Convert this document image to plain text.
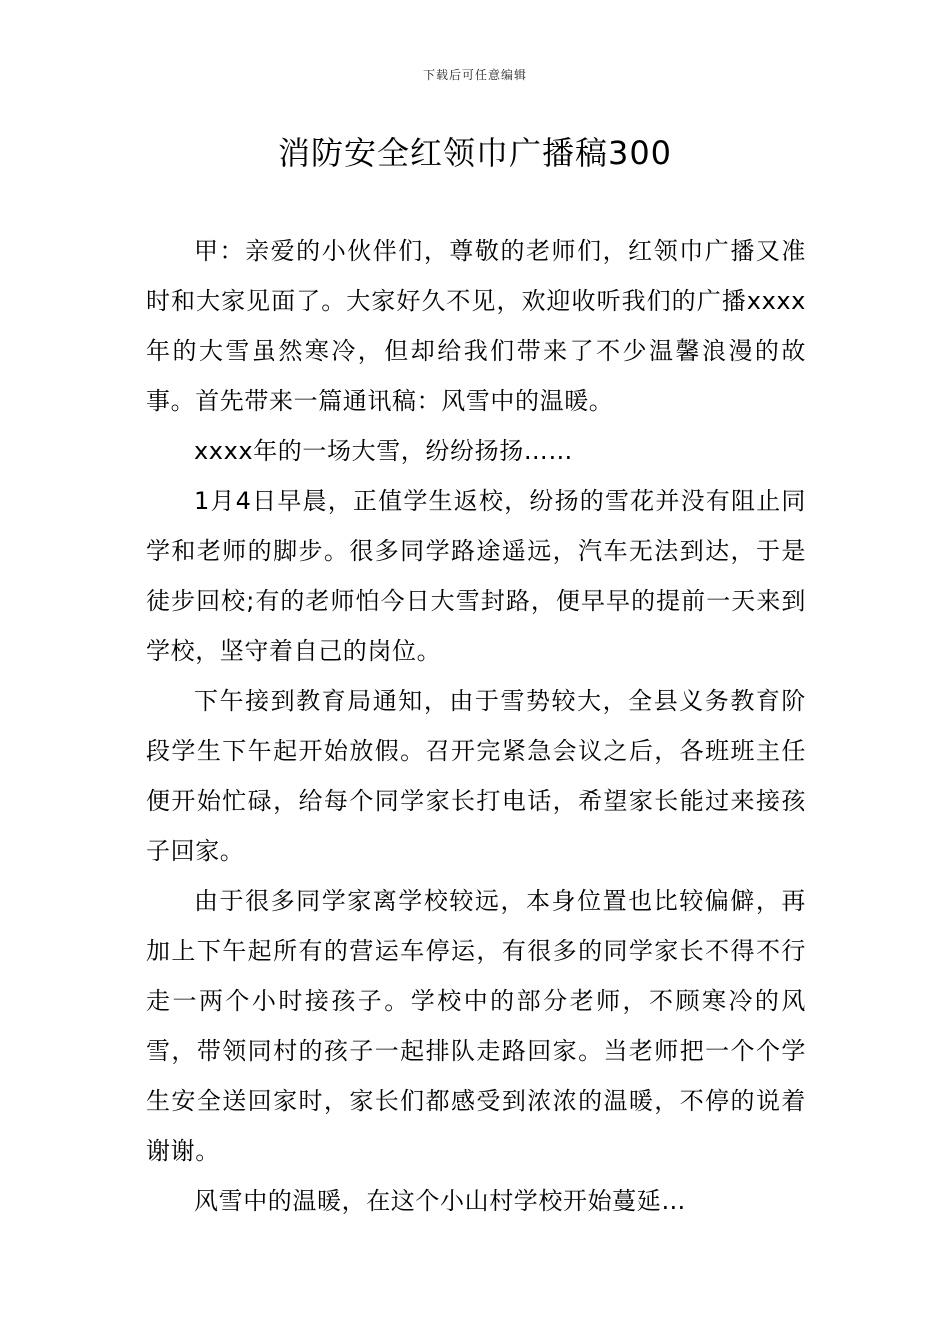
下载后可任意编辑
消防安全红领巾广播稿300

甲：亲爱的小伙伴们，尊敬的老师们，红领巾广播又准时和大家见面了。大家好久不见，欢迎收听我们的广播xxxx年的大雪虽然寒冷，但却给我们带来了不少温馨浪漫的故事。首先带来一篇通讯稿：风雪中的温暖。

xxxx年的一场大雪，纷纷扬扬……

1月4日早晨，正值学生返校，纷扬的雪花并没有阻止同学和老师的脚步。很多同学路途遥远，汽车无法到达，于是徒步回校;有的老师怕今日大雪封路，便早早的提前一天来到学校，坚守着自己的岗位。

下午接到教育局通知，由于雪势较大，全县义务教育阶段学生下午起开始放假。召开完紧急会议之后，各班班主任便开始忙碌，给每个同学家长打电话，希望家长能过来接孩子回家。

由于很多同学家离学校较远，本身位置也比较偏僻，再加上下午起所有的营运车停运，有很多的同学家长不得不行走一两个小时接孩子。学校中的部分老师，不顾寒冷的风雪，带领同村的孩子一起排队走路回家。当老师把一个个学生安全送回家时，家长们都感受到浓浓的温暖，不停的说着谢谢。

风雪中的温暖，在这个小山村学校开始蔓延…
